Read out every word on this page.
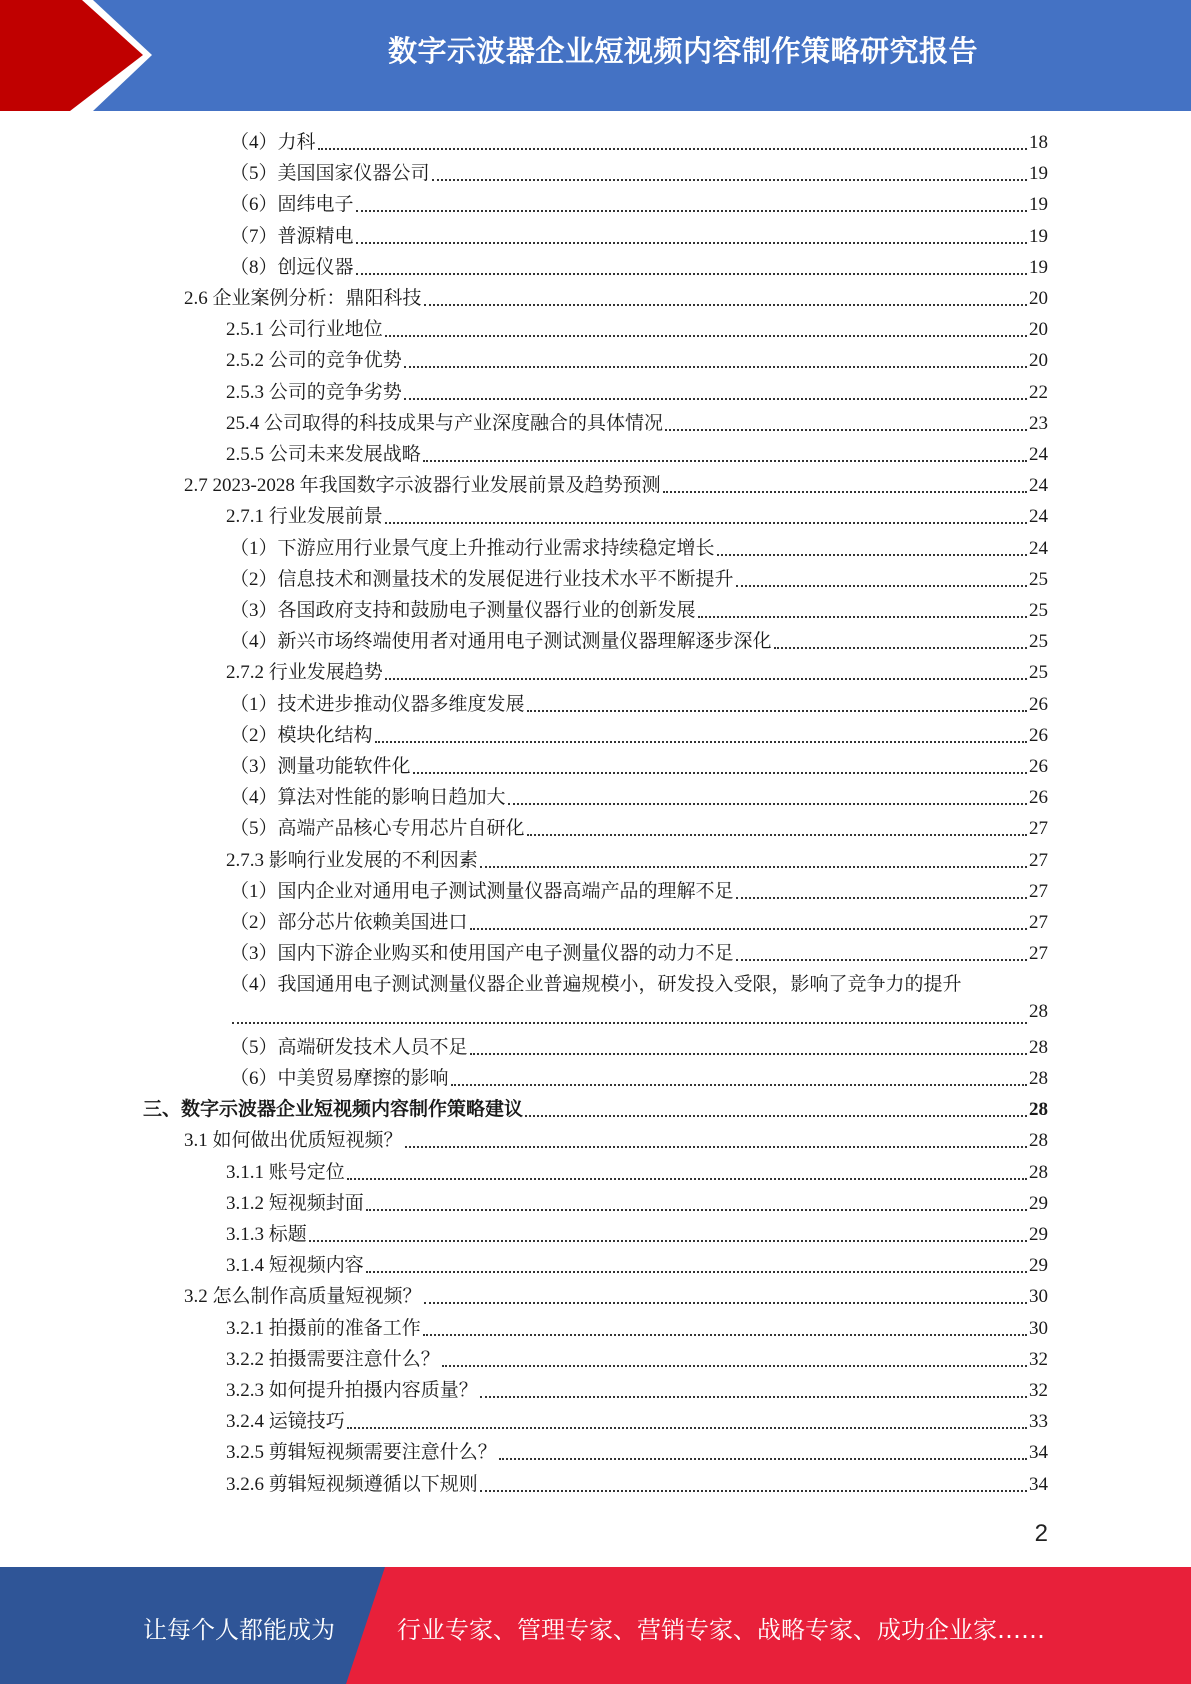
数字示波器企业短视频内容制作策略研究报告
（4）力科	18
（5）美国国家仪器公司	19
（6）固纬电子	19
（7）普源精电	19
（8）创远仪器	19
2.6 企业案例分析：鼎阳科技	20
2.5.1 公司行业地位	20
2.5.2 公司的竞争优势	20
2.5.3 公司的竞争劣势	22
25.4 公司取得的科技成果与产业深度融合的具体情况	23
2.5.5 公司未来发展战略	24
2.7 2023-2028 年我国数字示波器行业发展前景及趋势预测	24
2.7.1 行业发展前景	24
（1）下游应用行业景气度上升推动行业需求持续稳定增长	24
（2）信息技术和测量技术的发展促进行业技术水平不断提升	25
（3）各国政府支持和鼓励电子测量仪器行业的创新发展	25
（4）新兴市场终端使用者对通用电子测试测量仪器理解逐步深化	25
2.7.2 行业发展趋势	25
（1）技术进步推动仪器多维度发展	26
（2）模块化结构	26
（3）测量功能软件化	26
（4）算法对性能的影响日趋加大	26
（5）高端产品核心专用芯片自研化	27
2.7.3 影响行业发展的不利因素	27
（1）国内企业对通用电子测试测量仪器高端产品的理解不足	27
（2）部分芯片依赖美国进口	27
（3）国内下游企业购买和使用国产电子测量仪器的动力不足	27
（4）我国通用电子测试测量仪器企业普遍规模小，研发投入受限，影响了竞争力的提升
28
（5）高端研发技术人员不足	28
（6）中美贸易摩擦的影响	28
三、数字示波器企业短视频内容制作策略建议	28
3.1 如何做出优质短视频？	28
3.1.1 账号定位	28
3.1.2 短视频封面	29
3.1.3 标题	29
3.1.4 短视频内容	29
3.2 怎么制作高质量短视频？	30
3.2.1 拍摄前的准备工作	30
3.2.2 拍摄需要注意什么？	32
3.2.3 如何提升拍摄内容质量？	32
3.2.4 运镜技巧	33
3.2.5 剪辑短视频需要注意什么？	34
3.2.6 剪辑短视频遵循以下规则	34
2
让每个人都能成为	行业专家、管理专家、营销专家、战略专家、成功企业家……
